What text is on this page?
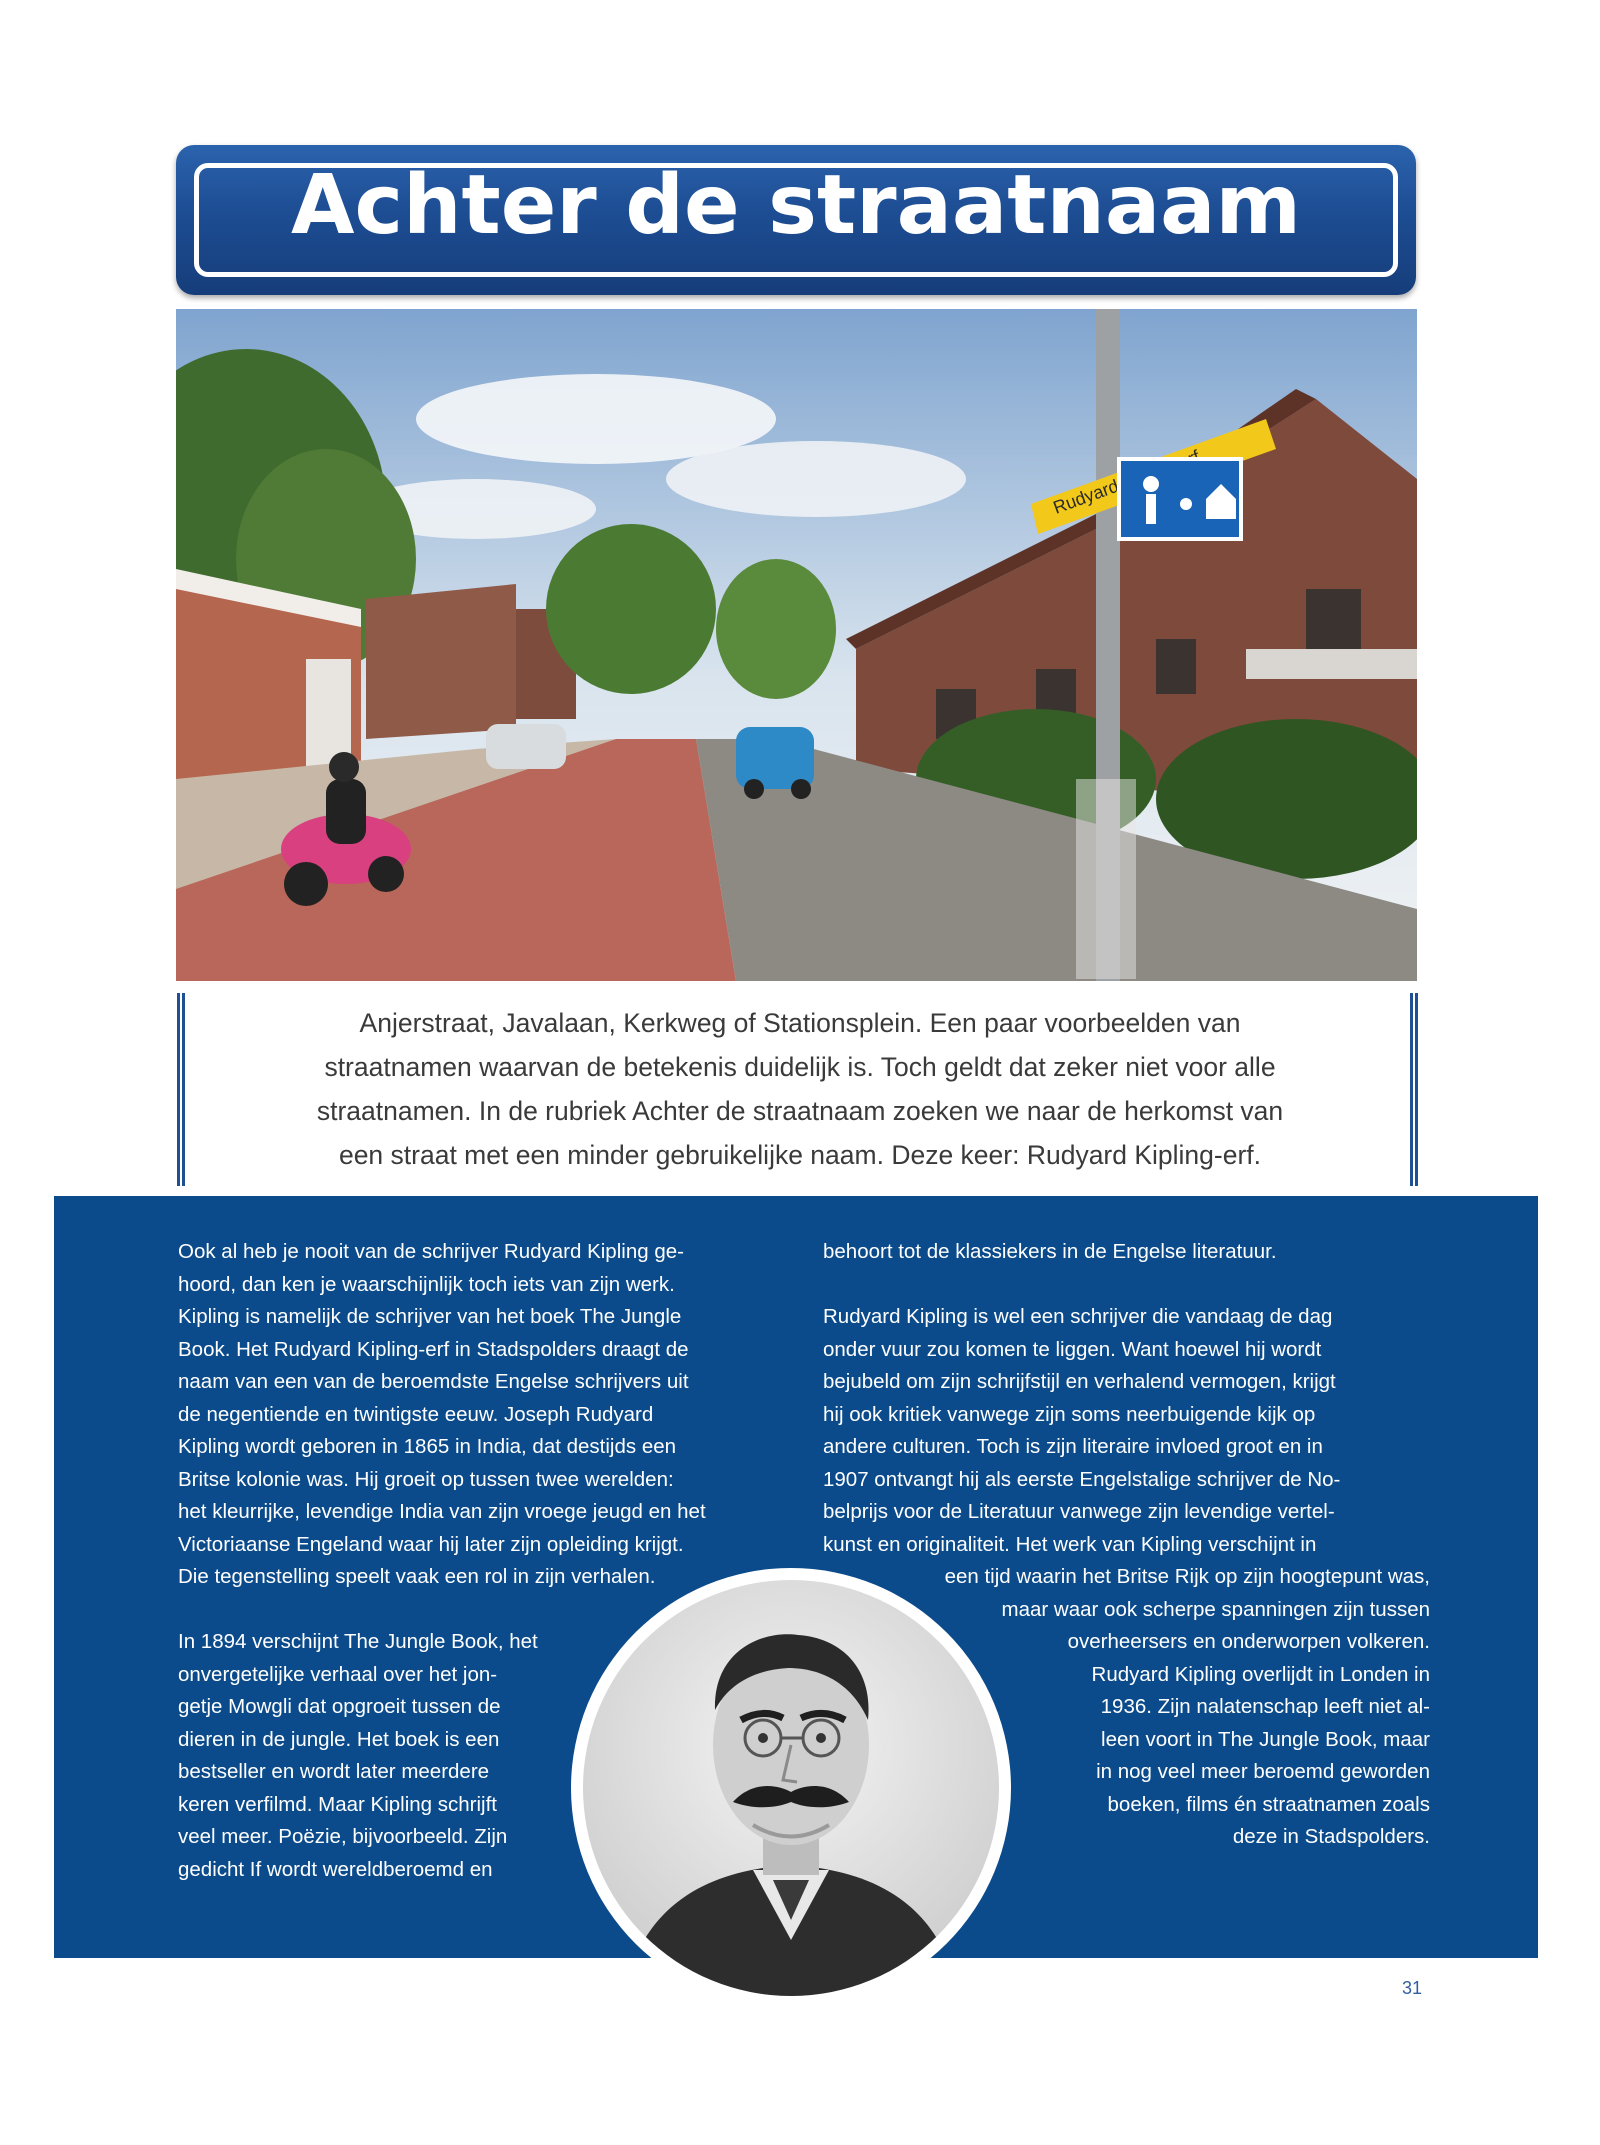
Achter de straatnaam
Rudyard
Anjerstraat, Javalaan, Kerkweg of Stationsplein. Een paar voorbeelden van
straatnamen waarvan de betekenis duidelijk is. Toch geldt dat zeker niet voor alle
straatnamen. In de rubriek Achter de straatnaam zoeken we naar de herkomst van
een straat met een minder gebruikelijke naam. Deze keer: Rudyard Kipling-erf.
Ook al heb je nooit van de schrijver Rudyard Kipling ge-
hoord, dan ken je waarschijnlijk toch iets van zijn werk.
Kipling is namelijk de schrijver van het boek The Jungle
Book. Het Rudyard Kipling-erf in Stadspolders draagt de
naam van een van de beroemdste Engelse schrijvers uit
de negentiende en twintigste eeuw. Joseph Rudyard
Kipling wordt geboren in 1865 in India, dat destijds een
Britse kolonie was. Hij groeit op tussen twee werelden:
het kleurrijke, levendige India van zijn vroege jeugd en het
Victoriaanse Engeland waar hij later zijn opleiding krijgt.
Die tegenstelling speelt vaak een rol in zijn verhalen.
In 1894 verschijnt The Jungle Book, het
onvergetelijke verhaal over het jon-
getje Mowgli dat opgroeit tussen de
dieren in de jungle. Het boek is een
bestseller en wordt later meerdere
keren verfilmd. Maar Kipling schrijft
veel meer. Poëzie, bijvoorbeeld. Zijn
gedicht If wordt wereldberoemd en
behoort tot de klassiekers in de Engelse literatuur.
Rudyard Kipling is wel een schrijver die vandaag de dag
onder vuur zou komen te liggen. Want hoewel hij wordt
bejubeld om zijn schrijfstijl en verhalend vermogen, krijgt
hij ook kritiek vanwege zijn soms neerbuigende kijk op
andere culturen. Toch is zijn literaire invloed groot en in
1907 ontvangt hij als eerste Engelstalige schrijver de No-
belprijs voor de Literatuur vanwege zijn levendige vertel-
kunst en originaliteit. Het werk van Kipling verschijnt in
een tijd waarin het Britse Rijk op zijn hoogtepunt was,
maar waar ook scherpe spanningen zijn tussen
overheersers en onderworpen volkeren.
Rudyard Kipling overlijdt in Londen in
1936. Zijn nalatenschap leeft niet al-
leen voort in The Jungle Book, maar
in nog veel meer beroemd geworden
boeken, films én straatnamen zoals
deze in Stadspolders.
31
